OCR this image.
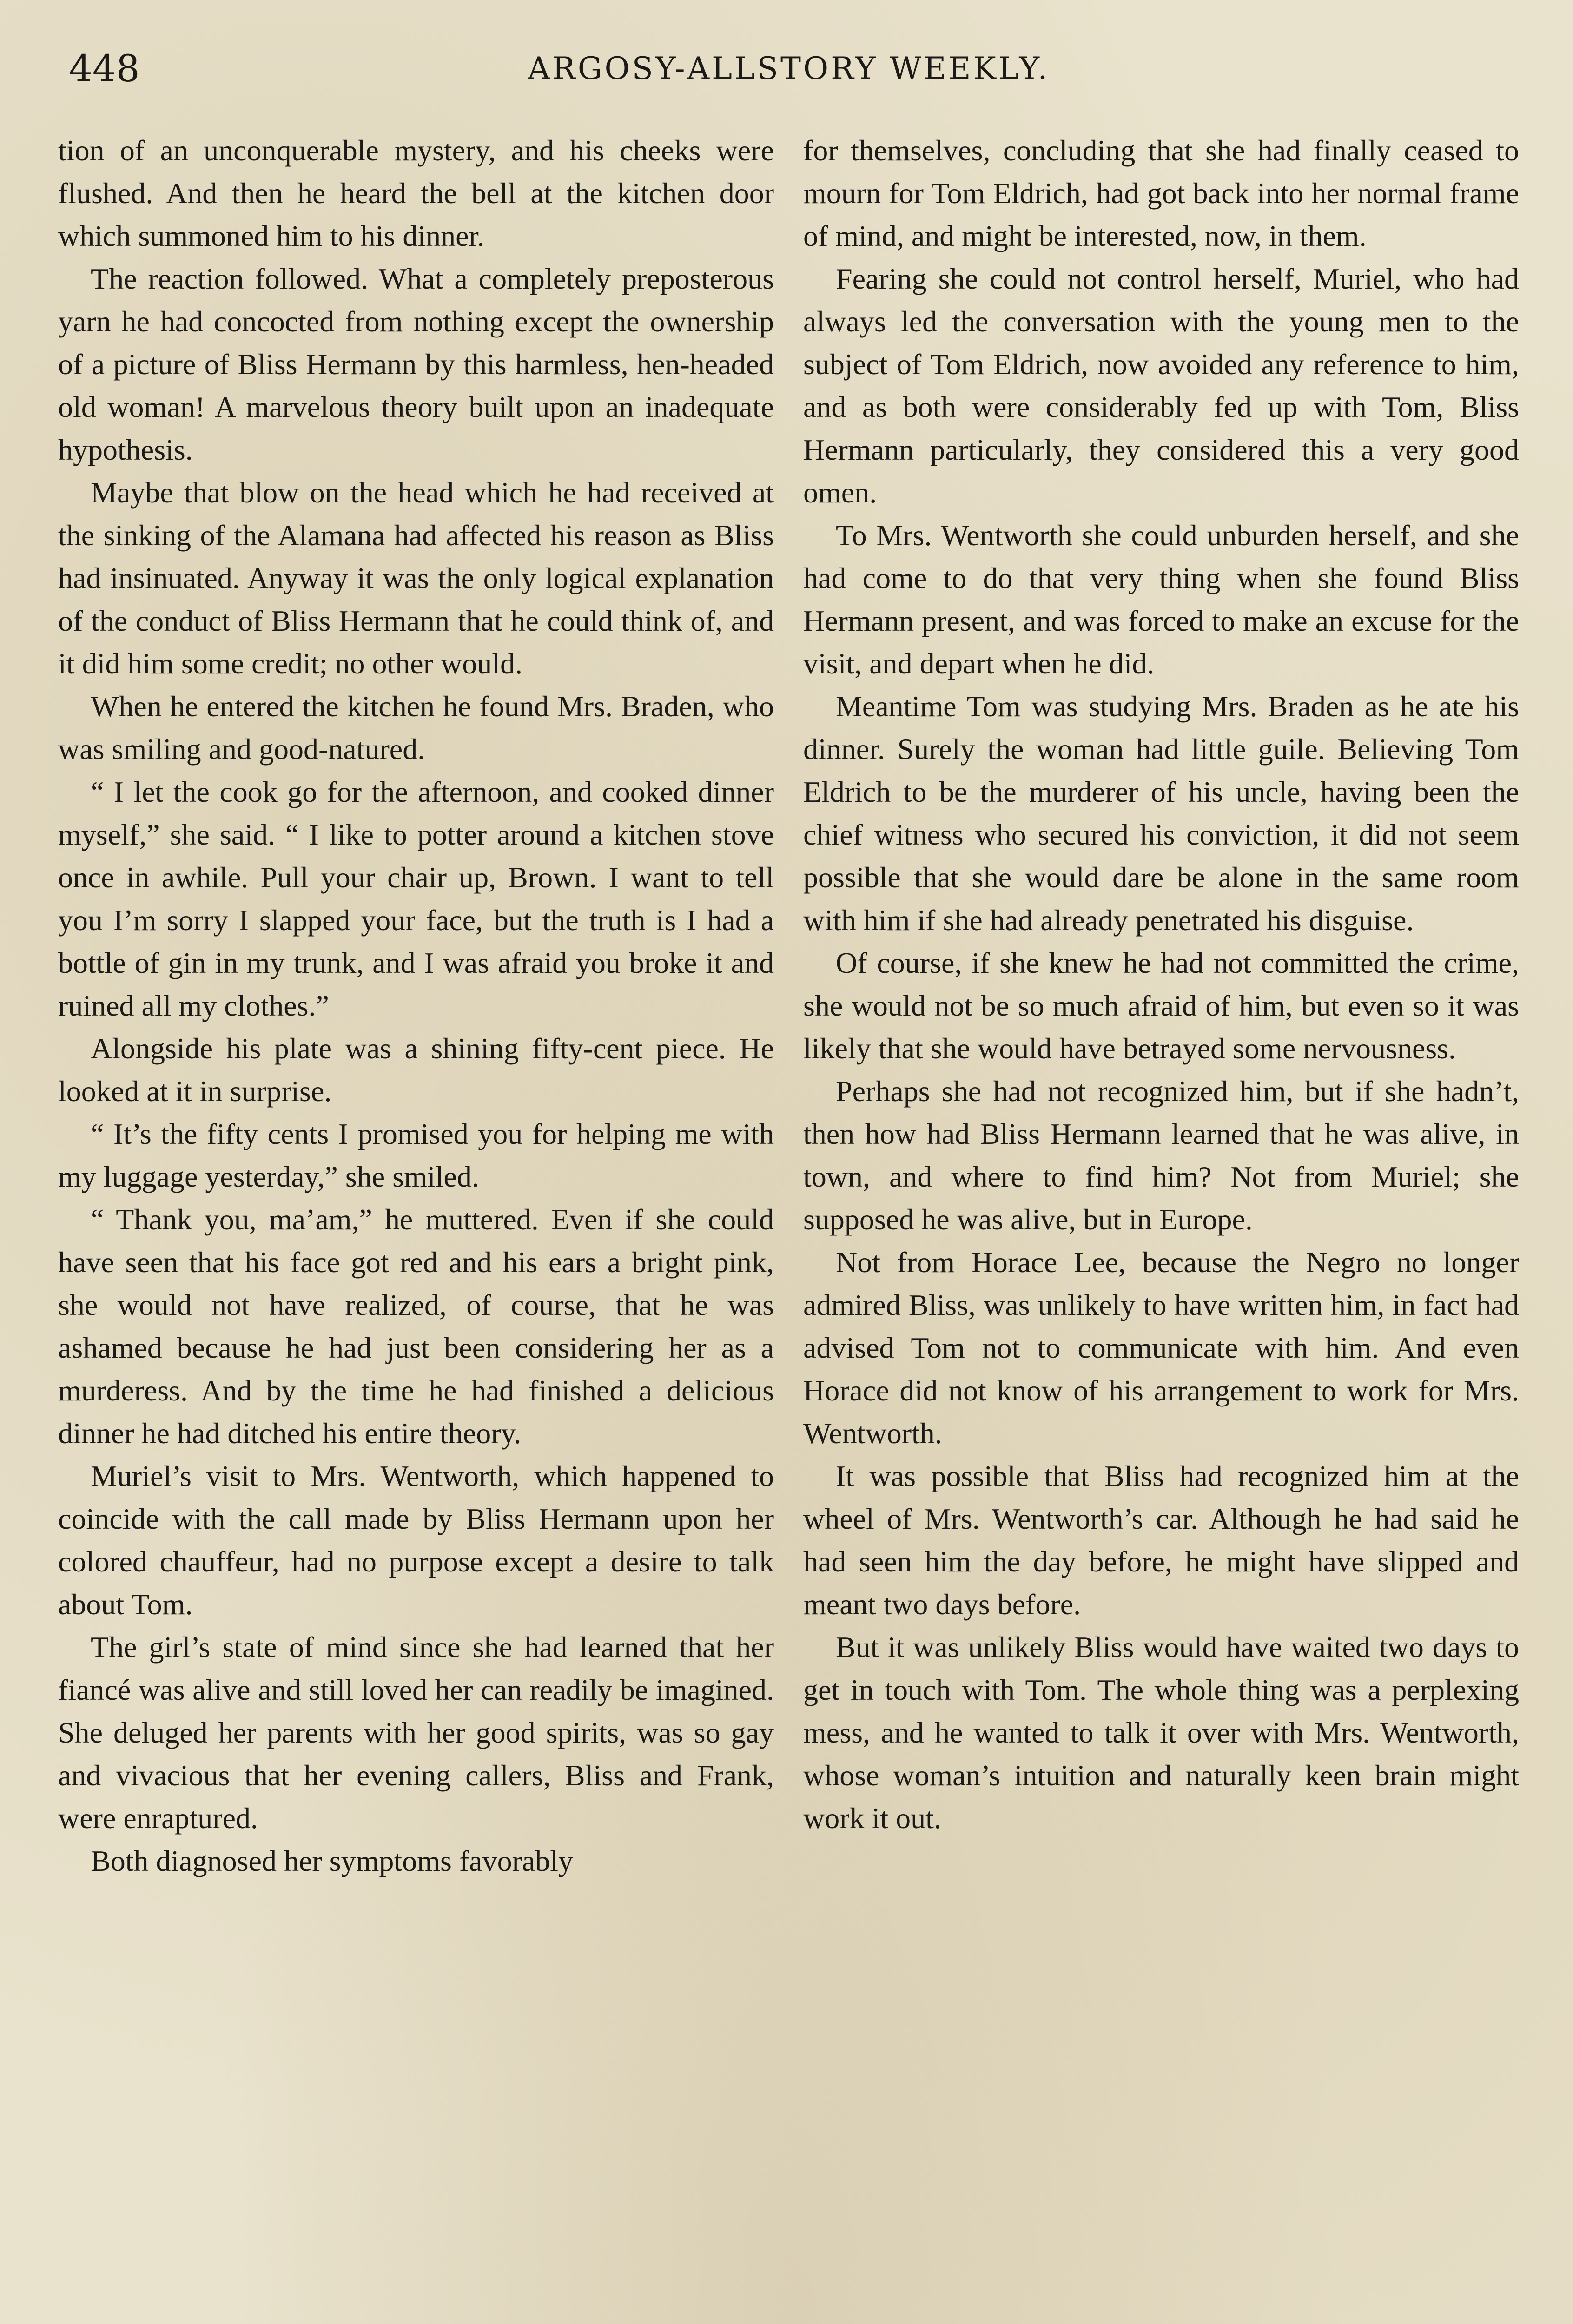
448	ARGOSY-ALLSTORY WEEKLY.

tion of an unconquerable mystery, and his cheeks were flushed. And then he heard the bell at the kitchen door which summoned him to his dinner.

The reaction followed. What a completely preposterous yarn he had concocted from nothing except the ownership of a picture of Bliss Hermann by this harmless, hen-headed old woman! A marvelous theory built upon an inadequate hypothesis.

Maybe that blow on the head which he had received at the sinking of the Alamana had affected his reason as Bliss had insinuated. Anyway it was the only logical explanation of the conduct of Bliss Hermann that he could think of, and it did him some credit; no other would.

When he entered the kitchen he found Mrs. Braden, who was smiling and good-natured.

“ I let the cook go for the afternoon, and cooked dinner myself,” she said. “ I like to potter around a kitchen stove once in awhile. Pull your chair up, Brown. I want to tell you I’m sorry I slapped your face, but the truth is I had a bottle of gin in my trunk, and I was afraid you broke it and ruined all my clothes.”

Alongside his plate was a shining fifty-cent piece. He looked at it in surprise.

“ It’s the fifty cents I promised you for helping me with my luggage yesterday,” she smiled.

“ Thank you, ma’am,” he muttered. Even if she could have seen that his face got red and his ears a bright pink, she would not have realized, of course, that he was ashamed because he had just been considering her as a murderess. And by the time he had finished a delicious dinner he had ditched his entire theory.

Muriel’s visit to Mrs. Wentworth, which happened to coincide with the call made by Bliss Hermann upon her colored chauffeur, had no purpose except a desire to talk about Tom.

The girl’s state of mind since she had learned that her fiancé was alive and still loved her can readily be imagined. She deluged her parents with her good spirits, was so gay and vivacious that her evening callers, Bliss and Frank, were enraptured.

Both diagnosed her symptoms favorably

for themselves, concluding that she had finally ceased to mourn for Tom Eldrich, had got back into her normal frame of mind, and might be interested, now, in them.

Fearing she could not control herself, Muriel, who had always led the conversation with the young men to the subject of Tom Eldrich, now avoided any reference to him, and as both were considerably fed up with Tom, Bliss Hermann particularly, they considered this a very good omen.

To Mrs. Wentworth she could unburden herself, and she had come to do that very thing when she found Bliss Hermann present, and was forced to make an excuse for the visit, and depart when he did.

Meantime Tom was studying Mrs. Braden as he ate his dinner. Surely the woman had little guile. Believing Tom Eldrich to be the murderer of his uncle, having been the chief witness who secured his conviction, it did not seem possible that she would dare be alone in the same room with him if she had already penetrated his disguise.

Of course, if she knew he had not committed the crime, she would not be so much afraid of him, but even so it was likely that she would have betrayed some nervousness.

Perhaps she had not recognized him, but if she hadn’t, then how had Bliss Hermann learned that he was alive, in town, and where to find him? Not from Muriel; she supposed he was alive, but in Europe.

Not from Horace Lee, because the Negro no longer admired Bliss, was unlikely to have written him, in fact had advised Tom not to communicate with him. And even Horace did not know of his arrangement to work for Mrs. Wentworth.

It was possible that Bliss had recognized him at the wheel of Mrs. Wentworth’s car. Although he had said he had seen him the day before, he might have slipped and meant two days before.

But it was unlikely Bliss would have waited two days to get in touch with Tom. The whole thing was a perplexing mess, and he wanted to talk it over with Mrs. Wentworth, whose woman’s intuition and naturally keen brain might work it out.
